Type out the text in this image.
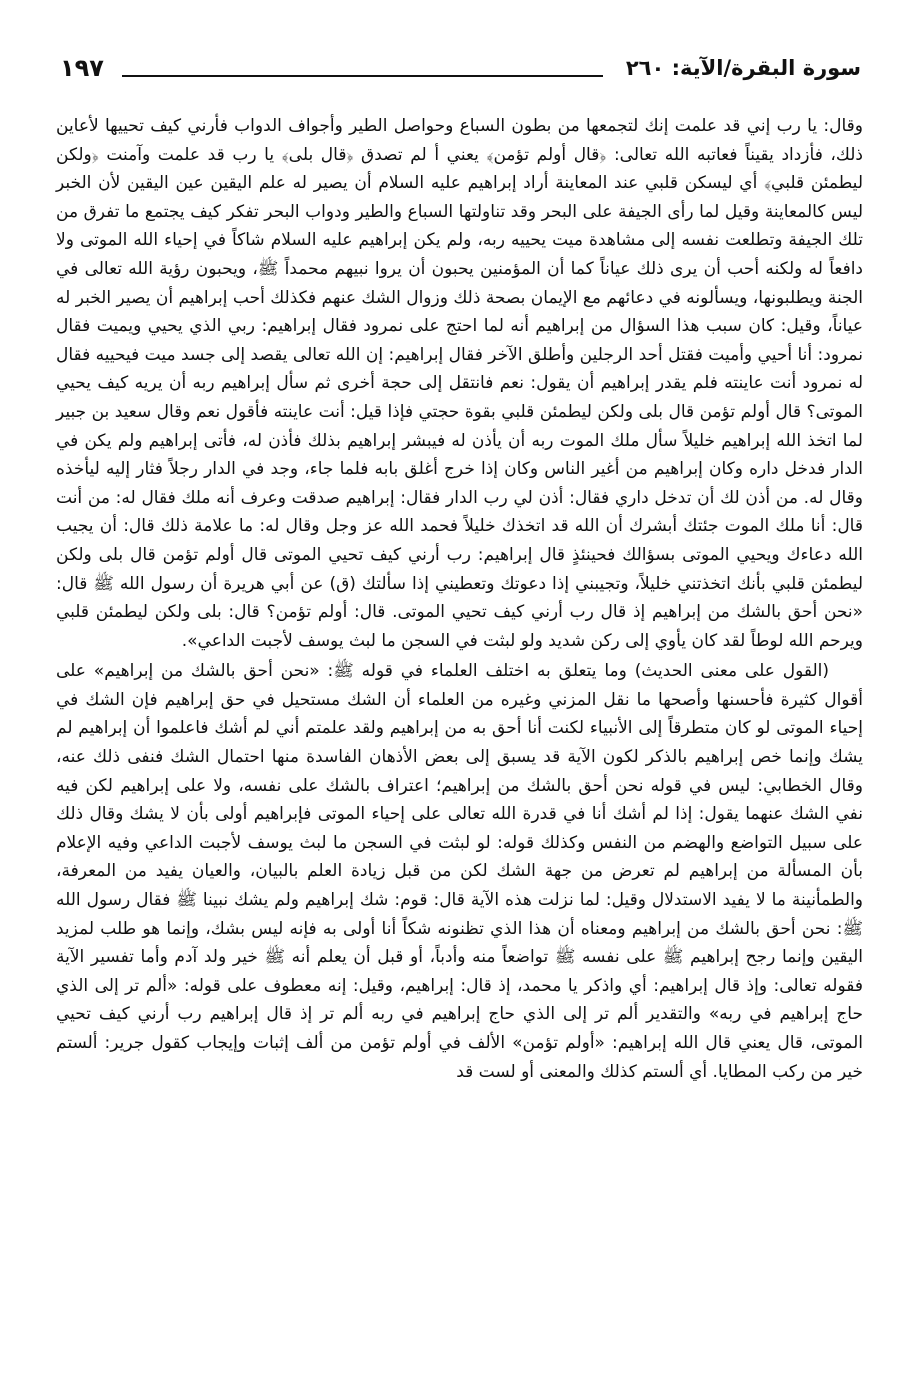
سورة البقرة/الآية: ٢٦٠
١٩٧

وقال: يا رب إني قد علمت إنك لتجمعها من بطون السباع وحواصل الطير وأجواف الدواب فأرني كيف تحييها لأعاين ذلك، فأزداد يقيناً فعاتبه الله تعالى: ﴿قال أولم تؤمن﴾ يعني أ لم تصدق ﴿قال بلى﴾ يا رب قد علمت وآمنت ﴿ولكن ليطمئن قلبي﴾ أي ليسكن قلبي عند المعاينة أراد إبراهيم عليه السلام أن يصير له علم اليقين عين اليقين لأن الخبر ليس كالمعاينة وقيل لما رأى الجيفة على البحر وقد تناولتها السباع والطير ودواب البحر تفكر كيف يجتمع ما تفرق من تلك الجيفة وتطلعت نفسه إلى مشاهدة ميت يحييه ربه، ولم يكن إبراهيم عليه السلام شاكاً في إحياء الله الموتى ولا دافعاً له ولكنه أحب أن يرى ذلك عياناً كما أن المؤمنين يحبون أن يروا نبيهم محمداً ﷺ، ويحبون رؤية الله تعالى في الجنة ويطلبونها، ويسألونه في دعائهم مع الإيمان بصحة ذلك وزوال الشك عنهم فكذلك أحب إبراهيم أن يصير الخبر له عياناً، وقيل: كان سبب هذا السؤال من إبراهيم أنه لما احتج على نمرود فقال إبراهيم: ربي الذي يحيي ويميت فقال نمرود: أنا أحيي وأميت فقتل أحد الرجلين وأطلق الآخر فقال إبراهيم: إن الله تعالى يقصد إلى جسد ميت فيحييه فقال له نمرود أنت عاينته فلم يقدر إبراهيم أن يقول: نعم فانتقل إلى حجة أخرى ثم سأل إبراهيم ربه أن يريه كيف يحيي الموتى؟ قال أولم تؤمن قال بلى ولكن ليطمئن قلبي بقوة حجتي فإذا قيل: أنت عاينته فأقول نعم وقال سعيد بن جبير لما اتخذ الله إبراهيم خليلاً سأل ملك الموت ربه أن يأذن له فيبشر إبراهيم بذلك فأذن له، فأتى إبراهيم ولم يكن في الدار فدخل داره وكان إبراهيم من أغير الناس وكان إذا خرج أغلق بابه فلما جاء، وجد في الدار رجلاً فثار إليه ليأخذه وقال له. من أذن لك أن تدخل داري فقال: أذن لي رب الدار فقال: إبراهيم صدقت وعرف أنه ملك فقال له: من أنت قال: أنا ملك الموت جئتك أبشرك أن الله قد اتخذك خليلاً فحمد الله عز وجل وقال له: ما علامة ذلك قال: أن يجيب الله دعاءك ويحيي الموتى بسؤالك فحينئذٍ قال إبراهيم: رب أرني كيف تحيي الموتى قال أولم تؤمن قال بلى ولكن ليطمئن قلبي بأنك اتخذتني خليلاً، وتجيبني إذا دعوتك وتعطيني إذا سألتك (ق) عن أبي هريرة أن رسول الله ﷺ قال: «نحن أحق بالشك من إبراهيم إذ قال رب أرني كيف تحيي الموتى. قال: أولم تؤمن؟ قال: بلى ولكن ليطمئن قلبي ويرحم الله لوطاً لقد كان يأوي إلى ركن شديد ولو لبثت في السجن ما لبث يوسف لأجبت الداعي».

(القول على معنى الحديث) وما يتعلق به اختلف العلماء في قوله ﷺ: «نحن أحق بالشك من إبراهيم» على أقوال كثيرة فأحسنها وأصحها ما نقل المزني وغيره من العلماء أن الشك مستحيل في حق إبراهيم فإن الشك في إحياء الموتى لو كان متطرقاً إلى الأنبياء لكنت أنا أحق به من إبراهيم ولقد علمتم أني لم أشك فاعلموا أن إبراهيم لم يشك وإنما خص إبراهيم بالذكر لكون الآية قد يسبق إلى بعض الأذهان الفاسدة منها احتمال الشك فنفى ذلك عنه، وقال الخطابي: ليس في قوله نحن أحق بالشك من إبراهيم؛ اعتراف بالشك على نفسه، ولا على إبراهيم لكن فيه نفي الشك عنهما يقول: إذا لم أشك أنا في قدرة الله تعالى على إحياء الموتى فإبراهيم أولى بأن لا يشك وقال ذلك على سبيل التواضع والهضم من النفس وكذلك قوله: لو لبثت في السجن ما لبث يوسف لأجبت الداعي وفيه الإعلام بأن المسألة من إبراهيم لم تعرض من جهة الشك لكن من قبل زيادة العلم بالبيان، والعيان يفيد من المعرفة، والطمأنينة ما لا يفيد الاستدلال وقيل: لما نزلت هذه الآية قال: قوم: شك إبراهيم ولم يشك نبينا ﷺ فقال رسول الله ﷺ: نحن أحق بالشك من إبراهيم ومعناه أن هذا الذي تظنونه شكاً أنا أولى به فإنه ليس بشك، وإنما هو طلب لمزيد اليقين وإنما رجح إبراهيم ﷺ على نفسه ﷺ تواضعاً منه وأدباً، أو قبل أن يعلم أنه ﷺ خير ولد آدم وأما تفسير الآية فقوله تعالى: وإذ قال إبراهيم: أي واذكر يا محمد، إذ قال: إبراهيم، وقيل: إنه معطوف على قوله: «ألم تر إلى الذي حاج إبراهيم في ربه» والتقدير ألم تر إلى الذي حاج إبراهيم في ربه ألم تر إذ قال إبراهيم رب أرني كيف تحيي الموتى، قال يعني قال الله إبراهيم: «أولم تؤمن» الألف في أولم تؤمن من ألف إثبات وإيجاب كقول جرير: ألستم خير من ركب المطايا. أي ألستم كذلك والمعنى أو لست قد
